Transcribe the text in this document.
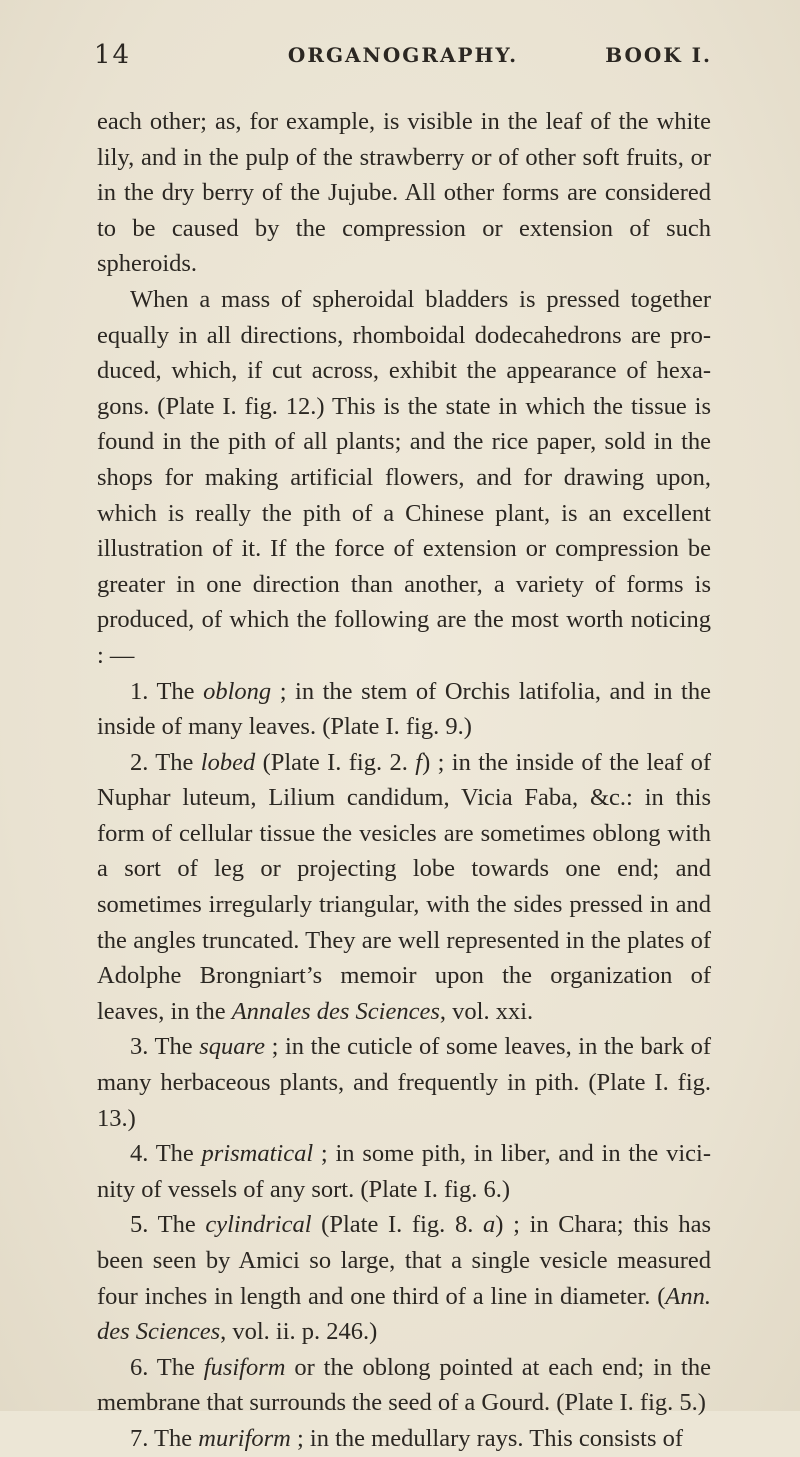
14	ORGANOGRAPHY.	BOOK I.

each other; as, for example, is visible in the leaf of the white lily, and in the pulp of the strawberry or of other soft fruits, or in the dry berry of the Jujube. All other forms are considered to be caused by the compression or extension of such spheroids.

When a mass of spheroidal bladders is pressed together equally in all directions, rhomboidal dodecahedrons are produced, which, if cut across, exhibit the appearance of hexagons. (Plate I. fig. 12.) This is the state in which the tissue is found in the pith of all plants; and the rice paper, sold in the shops for making artificial flowers, and for drawing upon, which is really the pith of a Chinese plant, is an excellent illustration of it. If the force of extension or compression be greater in one direction than another, a variety of forms is produced, of which the following are the most worth noticing : —

1. The oblong ; in the stem of Orchis latifolia, and in the inside of many leaves. (Plate I. fig. 9.)

2. The lobed (Plate I. fig. 2. f) ; in the inside of the leaf of Nuphar luteum, Lilium candidum, Vicia Faba, &c.: in this form of cellular tissue the vesicles are sometimes oblong with a sort of leg or projecting lobe towards one end; and sometimes irregularly triangular, with the sides pressed in and the angles truncated. They are well represented in the plates of Adolphe Brongniart’s memoir upon the organization of leaves, in the Annales des Sciences, vol. xxi.

3. The square ; in the cuticle of some leaves, in the bark of many herbaceous plants, and frequently in pith. (Plate I. fig. 13.)

4. The prismatical ; in some pith, in liber, and in the vicinity of vessels of any sort. (Plate I. fig. 6.)

5. The cylindrical (Plate I. fig. 8. a) ; in Chara; this has been seen by Amici so large, that a single vesicle measured four inches in length and one third of a line in diameter. (Ann. des Sciences, vol. ii. p. 246.)

6. The fusiform or the oblong pointed at each end; in the membrane that surrounds the seed of a Gourd. (Plate I. fig. 5.)

7. The muriform ; in the medullary rays. This consists of
